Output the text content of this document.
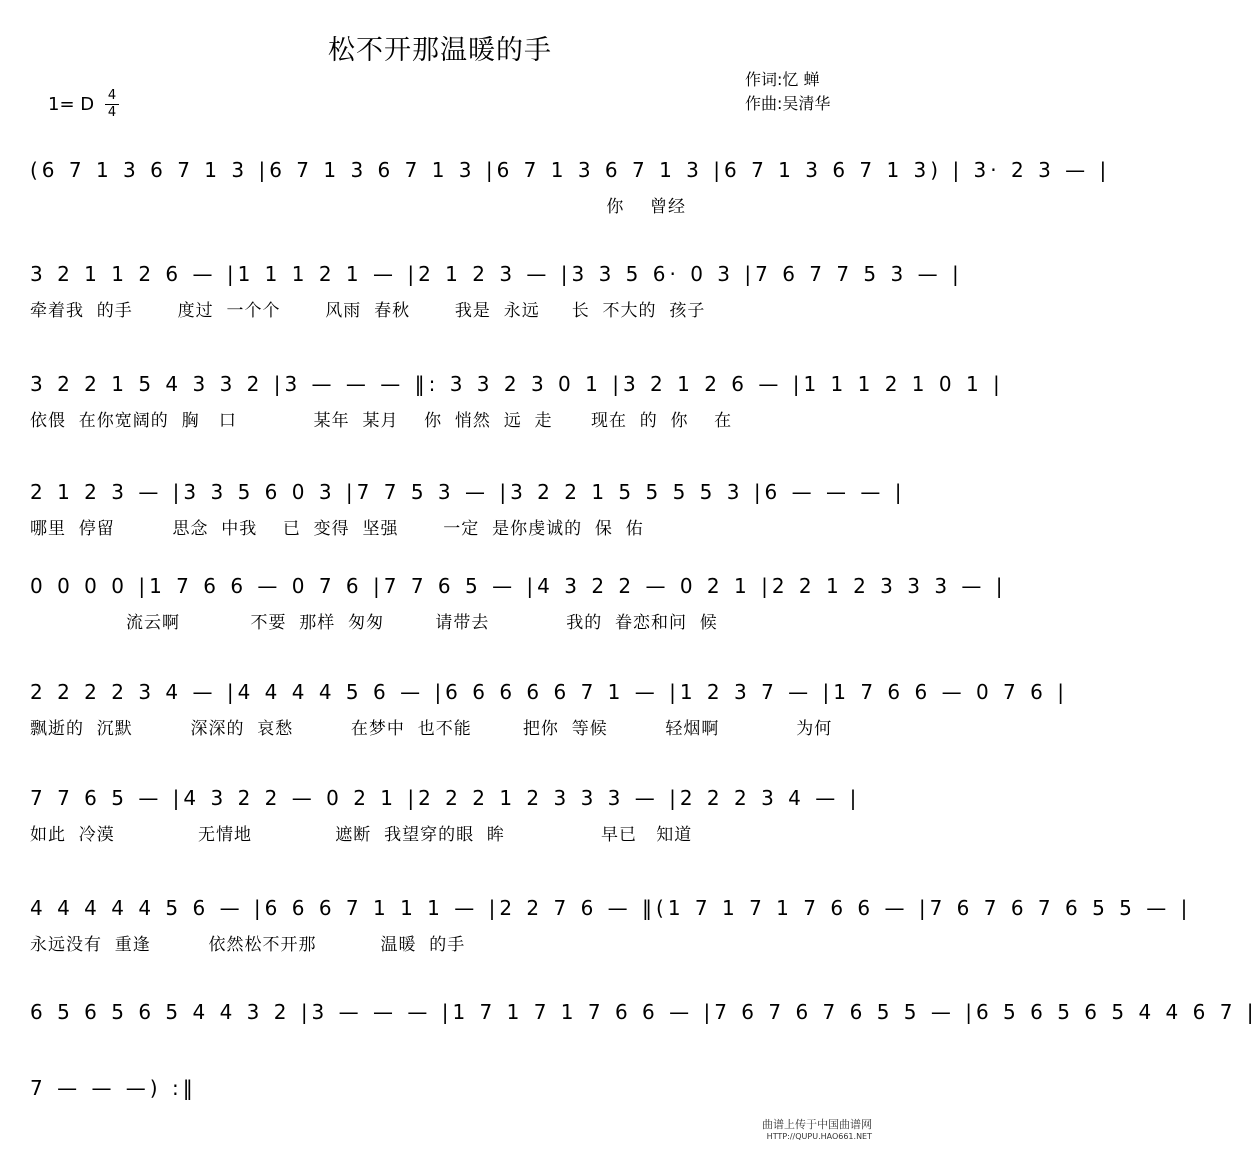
松不开那温暖的手
作词:忆 蝉
作曲:吴清华
1= D 4
4
(6 7 1 3 6 7 1 3 |6 7 1 3 6 7 1 3 |6 7 1 3 6 7 1 3 |6 7 1 3 6 7 1 3) | 3· 2 3 — |
你    曾经
3 2 1 1 2 6 — |1 1 1 2 1 — |2 1 2 3 — |3 3 5 6· 0 3 |7 6 7 7 5 3 — |
牵着我  的手       度过  一个个       风雨  春秋       我是  永远     长  不大的  孩子
3 2 2 1 5 4 3 3 2 |3 — — — ‖: 3 3 2 3 0 1 |3 2 1 2 6 — |1 1 1 2 1 0 1 |
依偎  在你宽阔的  胸   口            某年  某月    你  悄然  远  走      现在  的  你    在
2 1 2 3 — |3 3 5 6 0 3 |7 7 5 3 — |3 2 2 1 5 5 5 5 3 |6 — — — |
哪里  停留         思念  中我    已  变得  坚强       一定  是你虔诚的  保  佑
0 0 0 0 |1 7 6 6 — 0 7 6 |7 7 6 5 — |4 3 2 2 — 0 2 1 |2 2 1 2 3 3 3 — |
流云啊           不要  那样  匆匆        请带去            我的  眷恋和问  候
2 2 2 2 3 4 — |4 4 4 4 5 6 — |6 6 6 6 6 7 1 — |1 2 3 7 — |1 7 6 6 — 0 7 6 |
飘逝的  沉默         深深的  哀愁         在梦中  也不能        把你  等候         轻烟啊            为何
7 7 6 5 — |4 3 2 2 — 0 2 1 |2 2 2 1 2 3 3 3 — |2 2 2 3 4 — |
如此  冷漠             无情地             遮断  我望穿的眼  眸               早已   知道
4 4 4 4 4 5 6 — |6 6 6 7 1 1 1 — |2 2 7 6 — ‖(1 7 1 7 1 7 6 6 — |7 6 7 6 7 6 5 5 — |
永远没有  重逢         依然松不开那          温暖  的手
6 5 6 5 6 5 4 4 3 2 |3 — — — |1 7 1 7 1 7 6 6 — |7 6 7 6 7 6 5 5 — |6 5 6 5 6 5 4 4 6 7 |
7 — — —) :‖
曲谱上传于中国曲谱网
HTTP://QUPU.HAO661.NET
